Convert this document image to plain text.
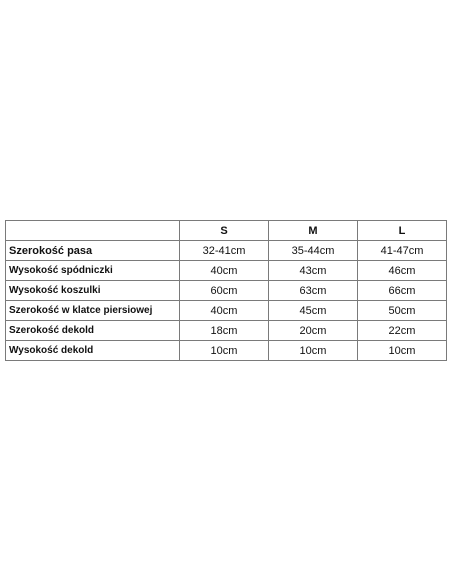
	S	M	L
Szerokość pasa	32-41cm	35-44cm	41-47cm
Wysokość spódniczki	40cm	43cm	46cm
Wysokość koszulki	60cm	63cm	66cm
Szerokość w klatce piersiowej	40cm	45cm	50cm
Szerokość dekold	18cm	20cm	22cm
Wysokość dekold	10cm	10cm	10cm
